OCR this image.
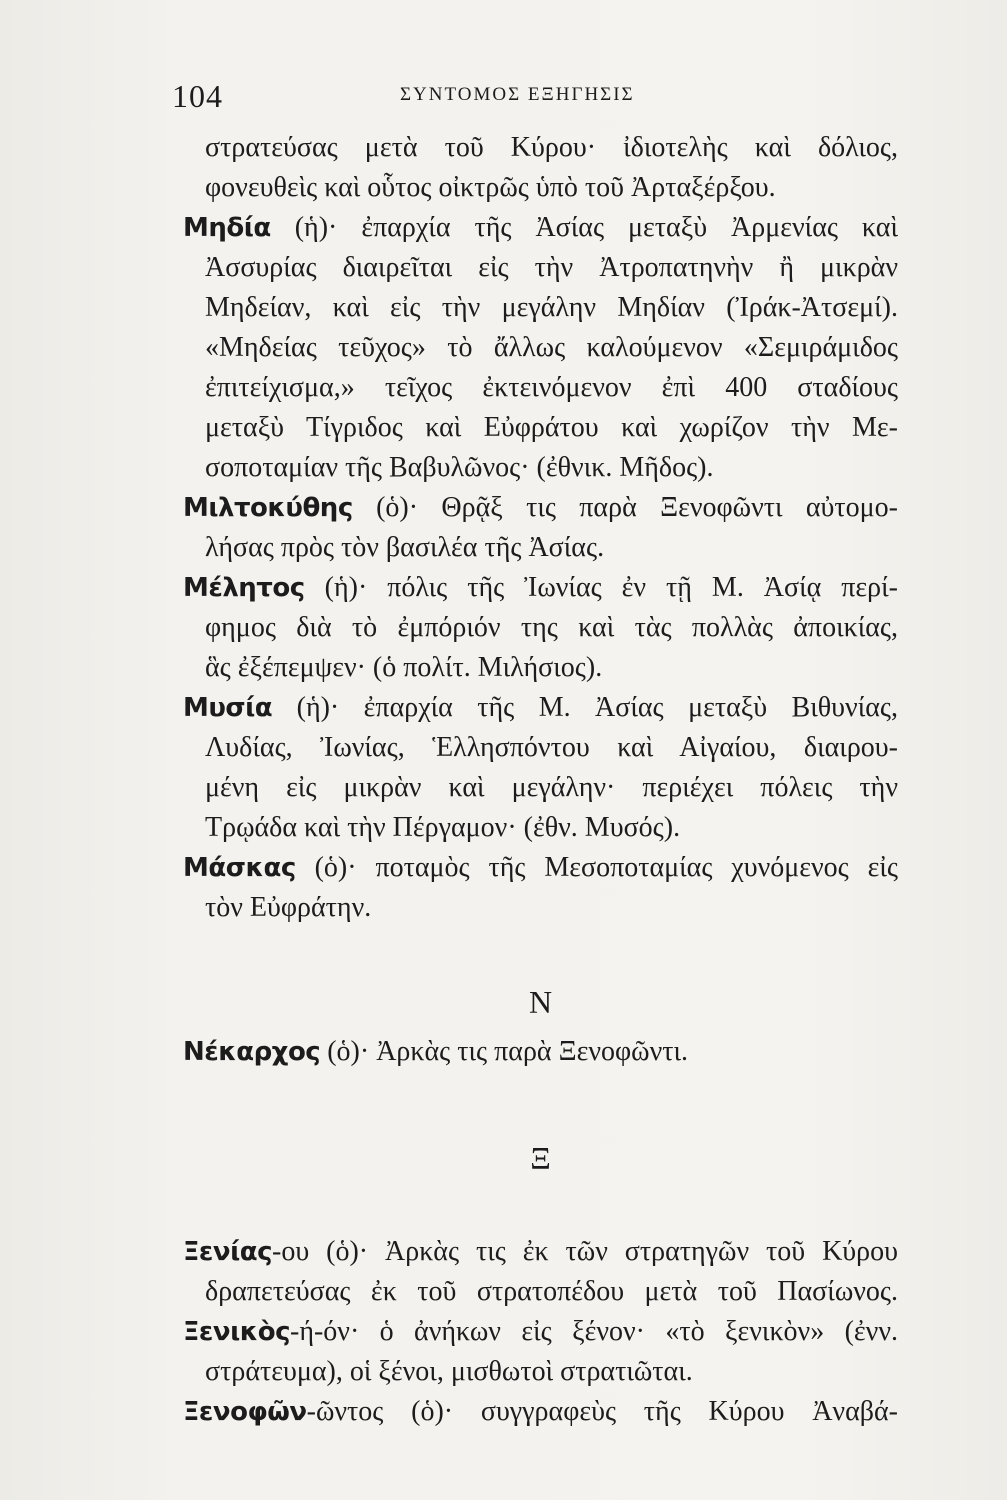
104	ΣΥΝΤΟΜΟΣ ΕΞΗΓΗΣΙΣ
στρατεύσας μετὰ τοῦ Κύρου· ἰδιοτελὴς καὶ δόλιος,
φονευθεὶς καὶ οὗτος οἰκτρῶς ὑπὸ τοῦ Ἀρταξέρξου.
Μηδία (ἡ)· ἐπαρχία τῆς Ἀσίας μεταξὺ Ἀρμενίας καὶ
Ἀσσυρίας διαιρεῖται εἰς τὴν Ἀτροπατηνὴν ἢ μικρὰν
Μηδείαν, καὶ εἰς τὴν μεγάλην Μηδίαν (Ἰράκ-Ἀτσεμί).
«Μηδείας τεῦχος» τὸ ἄλλως καλούμενον «Σεμιράμιδος
ἐπιτείχισμα,» τεῖχος ἐκτεινόμενον ἐπὶ 400 σταδίους
μεταξὺ Τίγριδος καὶ Εὐφράτου καὶ χωρίζον τὴν Με-
σοποταμίαν τῆς Βαβυλῶνος· (ἐθνικ. Μῆδος).
Μιλτοκύθης (ὁ)· Θρᾷξ τις παρὰ Ξενοφῶντι αὐτομο-
λήσας πρὸς τὸν βασιλέα τῆς Ἀσίας.
Μέλητος (ἡ)· πόλις τῆς Ἰωνίας ἐν τῇ Μ. Ἀσίᾳ περί-
φημος διὰ τὸ ἐμπόριόν της καὶ τὰς πολλὰς ἀποικίας,
ἃς ἐξέπεμψεν· (ὁ πολίτ. Μιλήσιος).
Μυσία (ἡ)· ἐπαρχία τῆς Μ. Ἀσίας μεταξὺ Βιθυνίας,
Λυδίας, Ἰωνίας, Ἑλλησπόντου καὶ Αἰγαίου, διαιρου-
μένη εἰς μικρὰν καὶ μεγάλην· περιέχει πόλεις τὴν
Τρῳάδα καὶ τὴν Πέργαμον· (ἐθν. Μυσός).
Μάσκας (ὁ)· ποταμὸς τῆς Μεσοποταμίας χυνόμενος εἰς
τὸν Εὐφράτην.
Ν
Νέκαρχος (ὁ)· Ἀρκὰς τις παρὰ Ξενοφῶντι.
Ξ
Ξενίας-ου (ὁ)· Ἀρκὰς τις ἐκ τῶν στρατηγῶν τοῦ Κύρου
δραπετεύσας ἐκ τοῦ στρατοπέδου μετὰ τοῦ Πασίωνος.
Ξενικὸς-ή-όν· ὁ ἀνήκων εἰς ξένον· «τὸ ξενικὸν» (ἐνν.
στράτευμα), οἱ ξένοι, μισθωτοὶ στρατιῶται.
Ξενοφῶν-ῶντος (ὁ)· συγγραφεὺς τῆς Κύρου Ἀναβά-
